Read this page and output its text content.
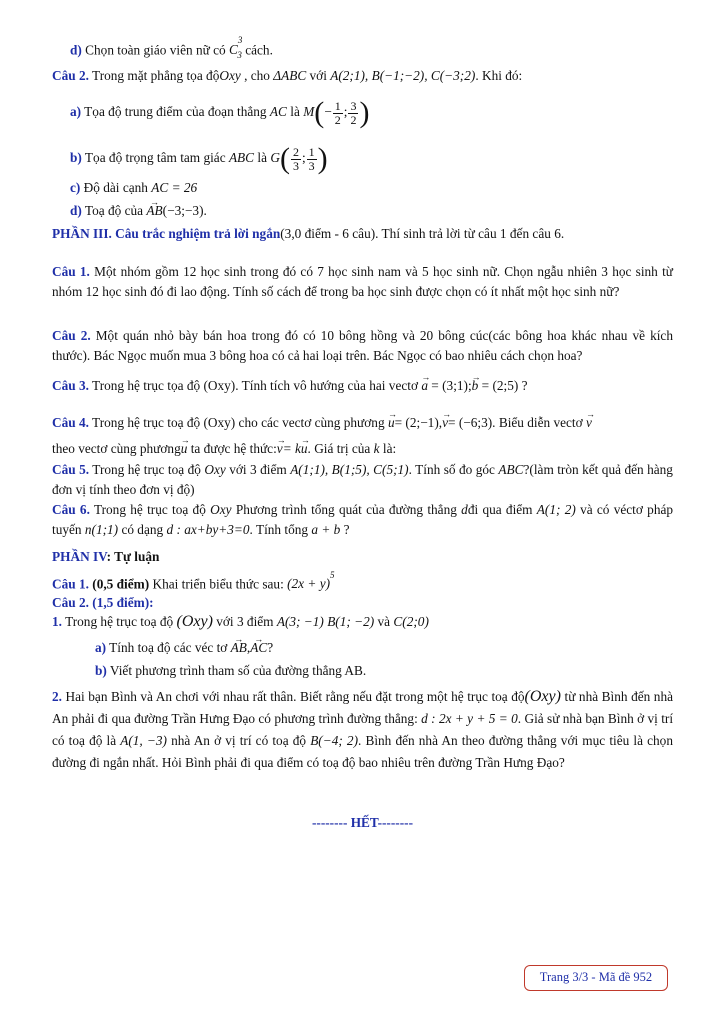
d) Chọn toàn giáo viên nữ có $C^3_3$ cách.
Câu 2. Trong mặt phẳng tọa độOxy , cho ΔABC với A(2;1), B(−1;−2), C(−3;2). Khi đó:
a) Tọa độ trung điểm của đoạn thẳng AC là $M(- \frac{1}{2}$ ; $\frac{3}{2}$ )
b) Tọa độ trọng tâm tam giác ABC là $G( \frac{2}{3}$ ; $\frac{1}{3}$ )
c) Độ dài cạnh AC = 26
d) Toạ độ của → AB(−3;−3).
PHẦN III. Câu trắc nghiệm trả lời ngắn(3,0 điểm - 6 câu). Thí sinh trả lời từ câu 1 đến câu 6.
Câu 1. Một nhóm gồm 12 học sinh trong đó có 7 học sinh nam và 5 học sinh nữ. Chọn ngẫu nhiên 3 học sinh từ nhóm 12 học sinh đó đi lao động. Tính số cách để trong ba học sinh được chọn có ít nhất một học sinh nữ?
Câu 2. Một quán nhỏ bày bán hoa trong đó có 10 bông hồng và 20 bông cúc(các bông hoa khác nhau về kích thước). Bác Ngọc muốn mua 3 bông hoa có cả hai loại trên. Bác Ngọc có bao nhiêu cách chọn hoa?
Câu 3. Trong hệ trục tọa độ (Oxy). Tính tích vô hướng của hai vectơ → a = (3;1);→ b = (2;5) ?
Câu 4. Trong hệ trục toạ độ (Oxy) cho các vectơ cùng phương → u= (2;−1),→ v= (−6;3). Biểu diễn vectơ → v
theo vectơ cùng phương→ u ta được hệ thức:→ v= k→ u. Giá trị của k là:
Câu 5. Trong hệ trục toạ độ Oxy với 3 điểm A(1;1), B(1;5), C(5;1). Tính số đo góc ABC?(làm tròn kết quả đến hàng đơn vị tính theo đơn vị độ)
Câu 6. Trong hệ trục toạ độ Oxy Phương trình tổng quát của đường thẳng dđi qua điểm A(1; 2) và có véctơ pháp tuyến n(1;1) có dạng d : ax+by+3=0. Tính tổng a + b ?
PHẦN IV: Tự luận
Câu 1. (0,5 điểm) Khai triển biểu thức sau: $(2x + y)^5$
Câu 2. (1,5 điểm):
1. Trong hệ trục toạ độ (Oxy) với 3 điểm A(3; −1) B(1; −2) và C(2;0)
a) Tính toạ độ các véc tơ → AB,→ AC?
b) Viết phương trình tham số của đường thẳng AB.
2. Hai bạn Bình và An chơi với nhau rất thân. Biết rằng nếu đặt trong một hệ trục toạ độ(Oxy) từ nhà Bình đến nhà An phải đi qua đường Trần Hưng Đạo có phương trình đường thẳng: d : 2x + y + 5 = 0. Giả sử nhà bạn Bình ở vị trí có toạ độ là A(1, −3) nhà An ở vị trí có toạ độ B(−4; 2). Bình đến nhà An theo đường thẳng với mục tiêu là chọn đường đi ngắn nhất. Hỏi Bình phải đi qua điểm có toạ độ bao nhiêu trên đường Trần Hưng Đạo?
-------- HẾT--------
Trang 3/3 - Mã đề 952
